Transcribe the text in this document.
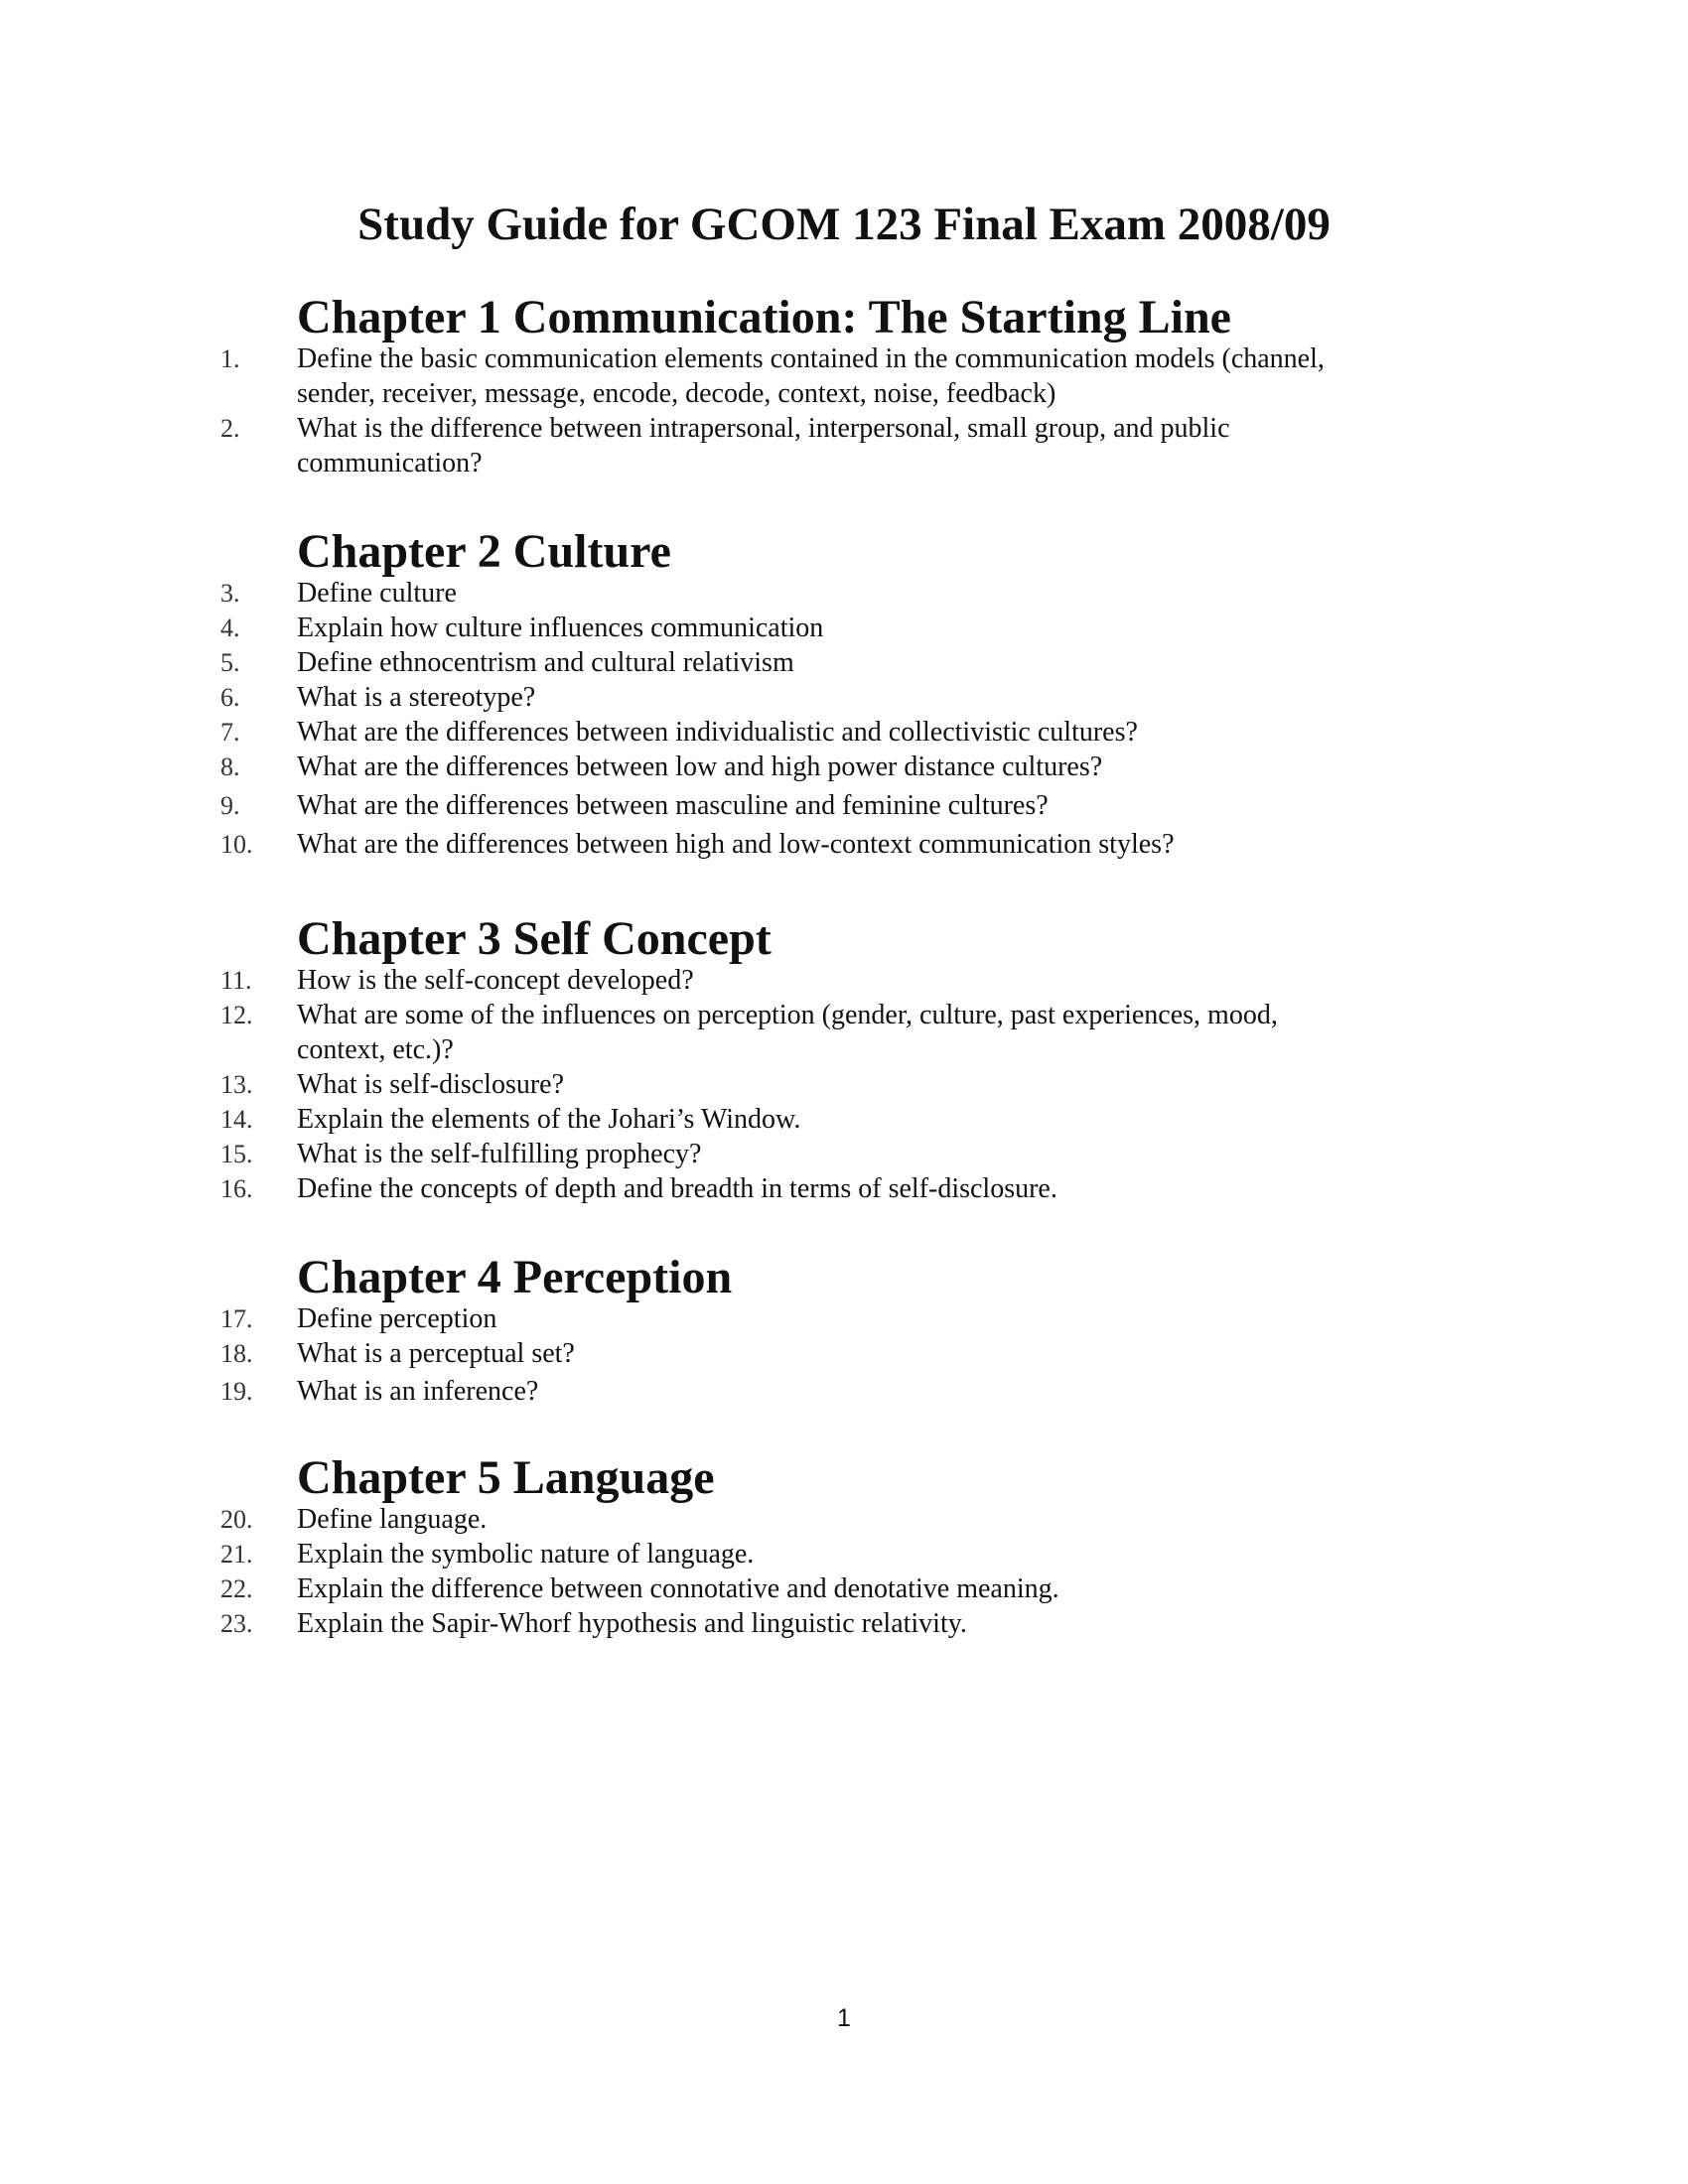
Study Guide for GCOM 123 Final Exam 2008/09
Chapter 1 Communication: The Starting Line
1.	Define the basic communication elements contained in the communication models (channel, sender, receiver, message, encode, decode, context, noise, feedback)
2.	What is the difference between intrapersonal, interpersonal, small group, and public communication?
Chapter 2 Culture
3.	Define culture
4.	Explain how culture influences communication
5.	Define ethnocentrism and cultural relativism
6.	What is a stereotype?
7.	What are the differences between individualistic and collectivistic cultures?
8.	What are the differences between low and high power distance cultures?
9.	What are the differences between masculine and feminine cultures?
10.	What are the differences between high and low-context communication styles?
Chapter 3 Self Concept
11.	How is the self-concept developed?
12.	What are some of the influences on perception (gender, culture, past experiences, mood, context, etc.)?
13.	What is self-disclosure?
14.	Explain the elements of the Johari’s Window.
15.	What is the self-fulfilling prophecy?
16.	Define the concepts of depth and breadth in terms of self-disclosure.
Chapter 4 Perception
17.	Define perception
18.	What is a perceptual set?
19.	What is an inference?
Chapter 5 Language
20.	Define language.
21.	Explain the symbolic nature of language.
22.	Explain the difference between connotative and denotative meaning.
23.	Explain the Sapir-Whorf hypothesis and linguistic relativity.
1
